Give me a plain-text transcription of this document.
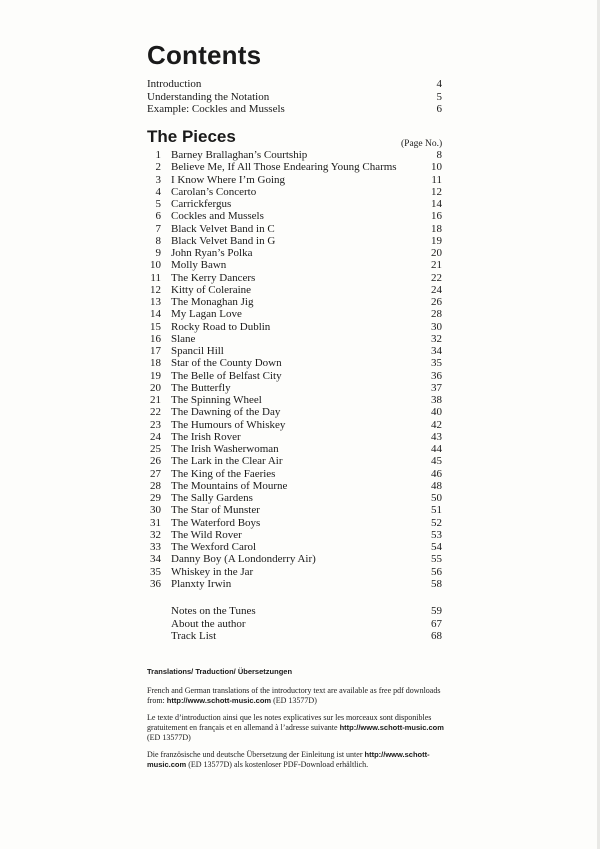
Contents
Introduction	4
Understanding the Notation	5
Example: Cockles and Mussels	6
The Pieces	(Page No.)
1 Barney Brallaghan’s Courtship	8
2 Believe Me, If All Those Endearing Young Charms	10
3 I Know Where I’m Going	11
4 Carolan’s Concerto	12
5 Carrickfergus	14
6 Cockles and Mussels	16
7 Black Velvet Band in C	18
8 Black Velvet Band in G	19
9 John Ryan’s Polka	20
10 Molly Bawn	21
11 The Kerry Dancers	22
12 Kitty of Coleraine	24
13 The Monaghan Jig	26
14 My Lagan Love	28
15 Rocky Road to Dublin	30
16 Slane	32
17 Spancil Hill	34
18 Star of the County Down	35
19 The Belle of Belfast City	36
20 The Butterfly	37
21 The Spinning Wheel	38
22 The Dawning of the Day	40
23 The Humours of Whiskey	42
24 The Irish Rover	43
25 The Irish Washerwoman	44
26 The Lark in the Clear Air	45
27 The King of the Faeries	46
28 The Mountains of Mourne	48
29 The Sally Gardens	50
30 The Star of Munster	51
31 The Waterford Boys	52
32 The Wild Rover	53
33 The Wexford Carol	54
34 Danny Boy (A Londonderry Air)	55
35 Whiskey in the Jar	56
36 Planxty Irwin	58
Notes on the Tunes	59
About the author	67
Track List	68
Translations/ Traduction/ Übersetzungen

French and German translations of the introductory text are available as free pdf downloads from: http://www.schott-music.com (ED 13577D)

Le texte d’introduction ainsi que les notes explicatives sur les morceaux sont disponibles gratuitement en français et en allemand à l’adresse suivante http://www.schott-music.com (ED 13577D)

Die französische und deutsche Übersetzung der Einleitung ist unter http://www.schott-music.com (ED 13577D) als kostenloser PDF-Download erhältlich.
